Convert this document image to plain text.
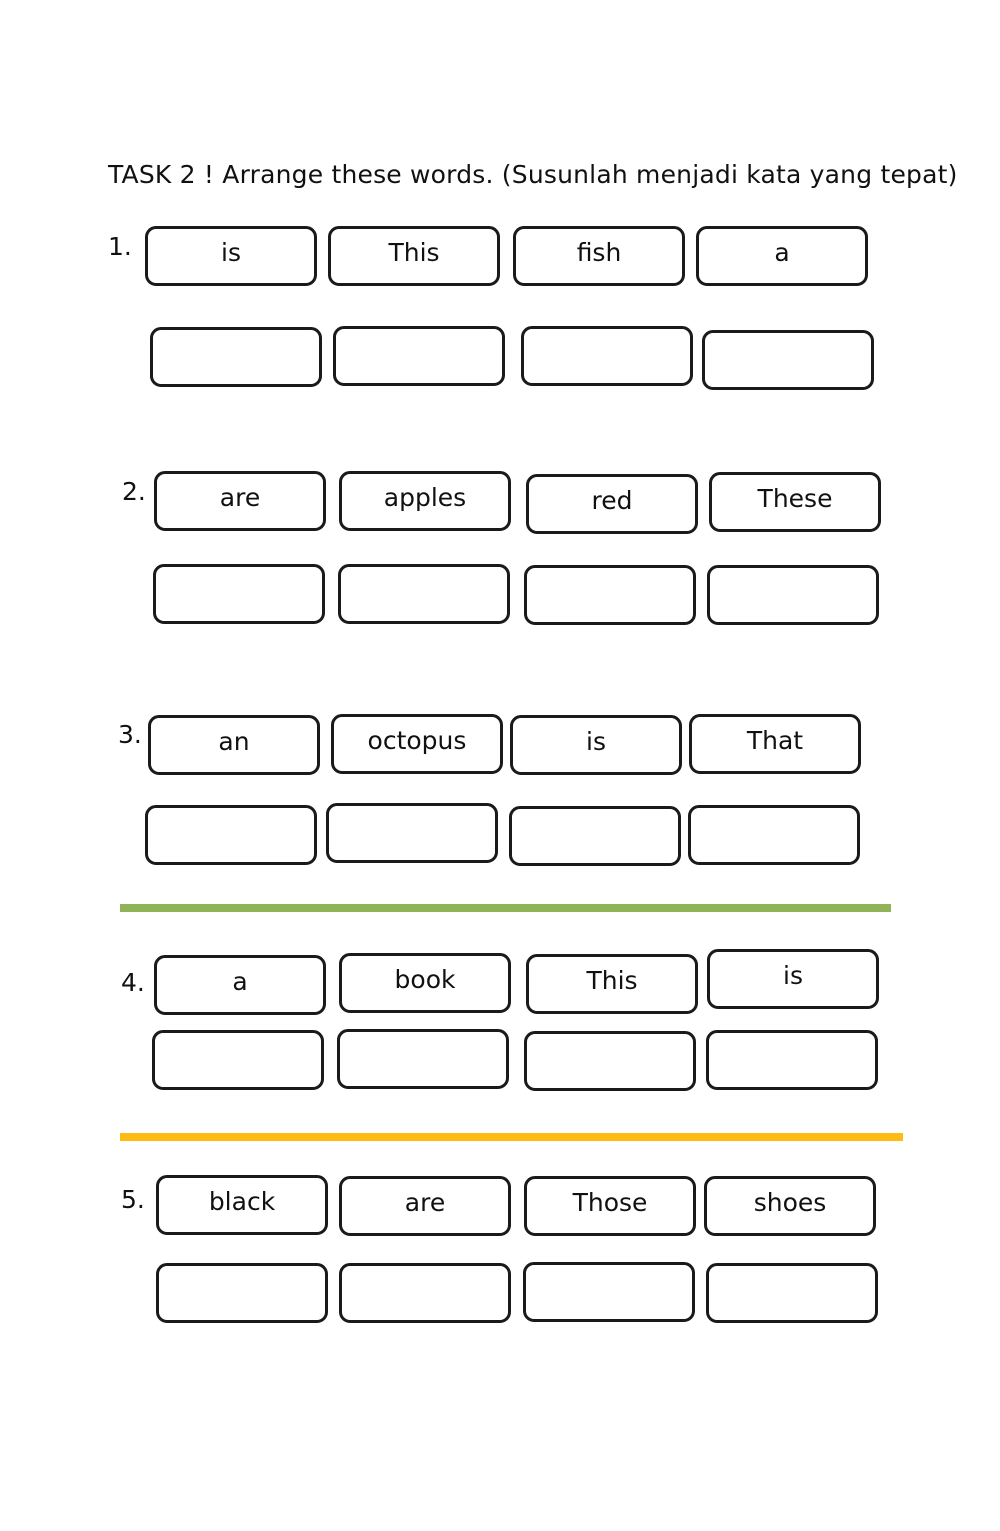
TASK 2 ! Arrange these words. (Susunlah menjadi kata yang tepat)
1.	is	This	fish	a
2.	are	apples	red	These
3.	an	octopus	is	That
4.	a	book	This	is
5.	black	are	Those	shoes
